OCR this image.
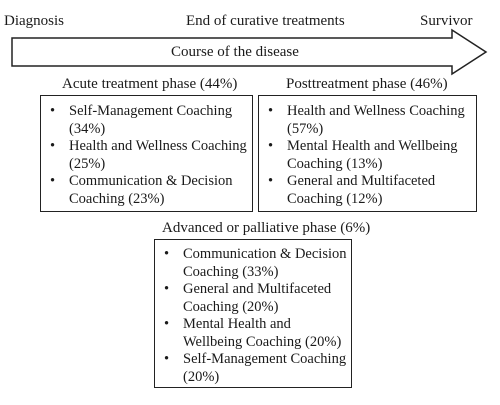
Diagnosis	End of curative treatments	Survivor
Course of the disease
Acute treatment phase (44%)
• Self-Management Coaching (34%)
• Health and Wellness Coaching (25%)
• Communication & Decision Coaching (23%)
Posttreatment phase (46%)
• Health and Wellness Coaching (57%)
• Mental Health and Wellbeing Coaching (13%)
• General and Multifaceted Coaching (12%)
Advanced or palliative phase (6%)
• Communication & Decision Coaching (33%)
• General and Multifaceted Coaching (20%)
• Mental Health and Wellbeing Coaching (20%)
• Self-Management Coaching (20%)
